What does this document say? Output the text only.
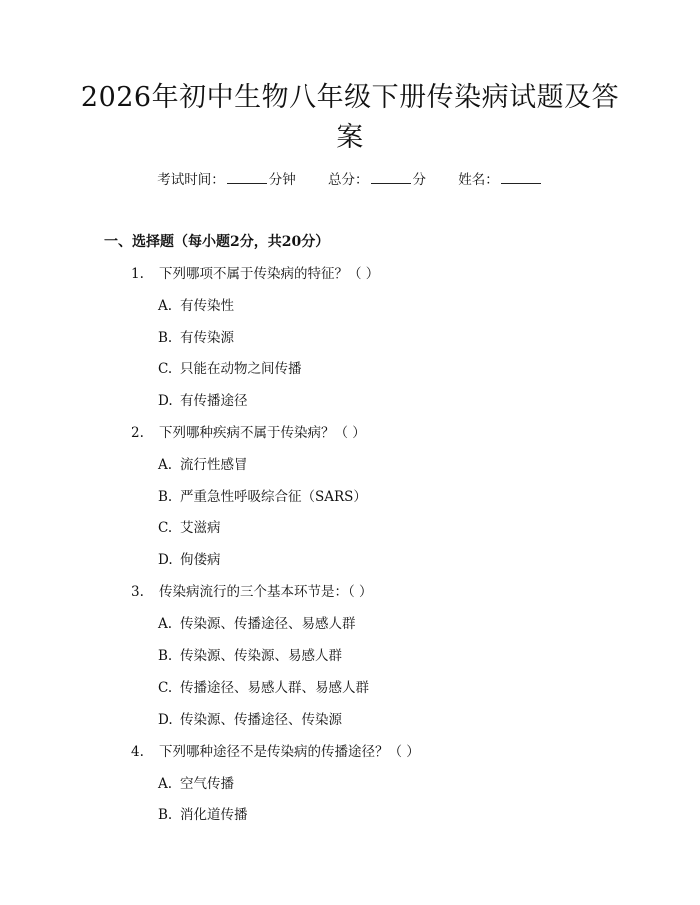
2026年初中生物八年级下册传染病试题及答案
考试时间：	分钟 总分：	分 姓名：
一、选择题（每小题2分，共20分）
1. 下列哪项不属于传染病的特征？（ ）
A. 有传染性
B. 有传染源
C. 只能在动物之间传播
D. 有传播途径
2. 下列哪种疾病不属于传染病？（ ）
A. 流行性感冒
B. 严重急性呼吸综合征（SARS）
C. 艾滋病
D. 佝偻病
3. 传染病流行的三个基本环节是：（ ）
A. 传染源、传播途径、易感人群
B. 传染源、传染源、易感人群
C. 传播途径、易感人群、易感人群
D. 传染源、传播途径、传染源
4. 下列哪种途径不是传染病的传播途径？（ ）
A. 空气传播
B. 消化道传播
